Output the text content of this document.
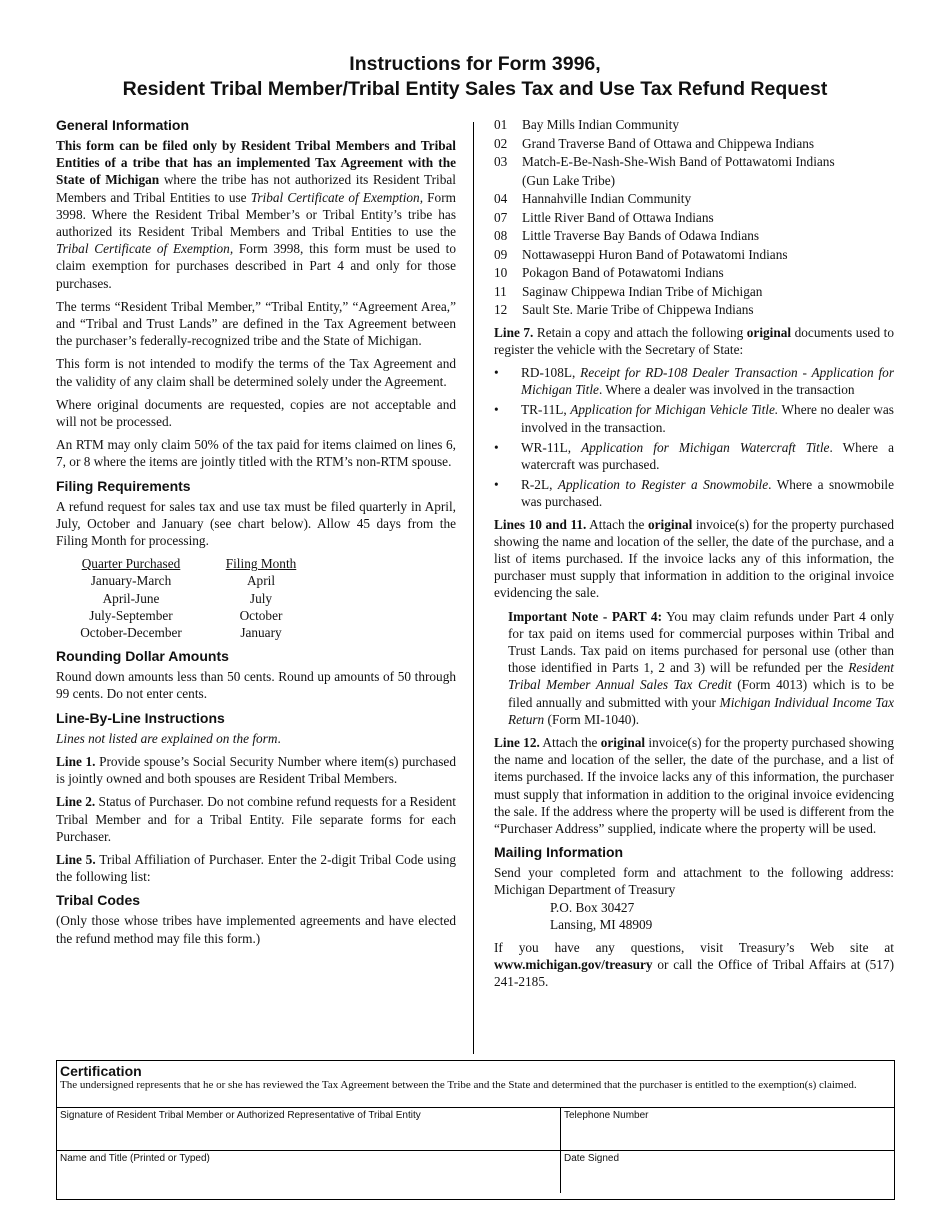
Instructions for Form 3996,
Resident Tribal Member/Tribal Entity Sales Tax and Use Tax Refund Request
General Information

This form can be filed only by Resident Tribal Members and Tribal Entities of a tribe that has an implemented Tax Agreement with the State of Michigan where the tribe has not authorized its Resident Tribal Members and Tribal Entities to use Tribal Certificate of Exemption, Form 3998. Where the Resident Tribal Member’s or Tribal Entity’s tribe has authorized its Resident Tribal Members and Tribal Entities to use the Tribal Certificate of Exemption, Form 3998, this form must be used to claim exemption for purchases described in Part 4 and only for those purchases.

The terms “Resident Tribal Member,” “Tribal Entity,” “Agreement Area,” and “Tribal and Trust Lands” are defined in the Tax Agreement between the purchaser’s federally-recognized tribe and the State of Michigan.

This form is not intended to modify the terms of the Tax Agreement and the validity of any claim shall be determined solely under the Agreement.

Where original documents are requested, copies are not acceptable and will not be processed.

An RTM may only claim 50% of the tax paid for items claimed on lines 6, 7, or 8 where the items are jointly titled with the RTM’s non-RTM spouse.

Filing Requirements

A refund request for sales tax and use tax must be filed quarterly in April, July, October and January (see chart below). Allow 45 days from the Filing Month for processing.

Quarter Purchased	Filing Month
January-March	April
April-June	July
July-September	October
October-December	January
Rounding Dollar Amounts

Round down amounts less than 50 cents. Round up amounts of 50 through 99 cents. Do not enter cents.

Line-By-Line Instructions

Lines not listed are explained on the form.

Line 1. Provide spouse’s Social Security Number where item(s) purchased is jointly owned and both spouses are Resident Tribal Members.

Line 2. Status of Purchaser. Do not combine refund requests for a Resident Tribal Member and for a Tribal Entity. File separate forms for each Purchaser.

Line 5. Tribal Affiliation of Purchaser. Enter the 2-digit Tribal Code using the following list:

Tribal Codes

(Only those whose tribes have implemented agreements and have elected the refund method may file this form.)

01	Bay Mills Indian Community
02	Grand Traverse Band of Ottawa and Chippewa Indians
03	Match-E-Be-Nash-She-Wish Band of Pottawatomi Indians
(Gun Lake Tribe)
04	Hannahville Indian Community
07	Little River Band of Ottawa Indians
08	Little Traverse Bay Bands of Odawa Indians
09	Nottawaseppi Huron Band of Potawatomi Indians
10	Pokagon Band of Potawatomi Indians
11	Saginaw Chippewa Indian Tribe of Michigan
12	Sault Ste. Marie Tribe of Chippewa Indians

Line 7. Retain a copy and attach the following original documents used to register the vehicle with the Secretary of State:

•	RD-108L, Receipt for RD-108 Dealer Transaction - Application for Michigan Title. Where a dealer was involved in the transaction
•	TR-11L, Application for Michigan Vehicle Title. Where no dealer was involved in the transaction.
•	WR-11L, Application for Michigan Watercraft Title. Where a watercraft was purchased.
•	R-2L, Application to Register a Snowmobile. Where a snowmobile was purchased.

Lines 10 and 11. Attach the original invoice(s) for the property purchased showing the name and location of the seller, the date of the purchase, and a list of items purchased. If the invoice lacks any of this information, the purchaser must supply that information in addition to the original invoice evidencing the sale.

Important Note - PART 4: You may claim refunds under Part 4 only for tax paid on items used for commercial purposes within Tribal and Trust Lands. Tax paid on items purchased for personal use (other than those identified in Parts 1, 2 and 3) will be refunded per the Resident Tribal Member Annual Sales Tax Credit (Form 4013) which is to be filed annually and submitted with your Michigan Individual Income Tax Return (Form MI-1040).

Line 12. Attach the original invoice(s) for the property purchased showing the name and location of the seller, the date of the purchase, and a list of items purchased. If the invoice lacks any of this information, the purchaser must supply that information in addition to the original invoice evidencing the sale. If the address where the property will be used is different from the “Purchaser Address” supplied, indicate where the property will be used.

Mailing Information

Send your completed form and attachment to the following address: Michigan Department of Treasury

P.O. Box 30427
Lansing, MI 48909

If you have any questions, visit Treasury’s Web site at www.michigan.gov/treasury or call the Office of Tribal Affairs at (517) 241-2185.

Certification
The undersigned represents that he or she has reviewed the Tax Agreement between the Tribe and the State and determined that the purchaser is entitled to the exemption(s) claimed.
Signature of Resident Tribal Member or Authorized Representative of Tribal Entity	Telephone Number
Name and Title (Printed or Typed)	Date Signed
